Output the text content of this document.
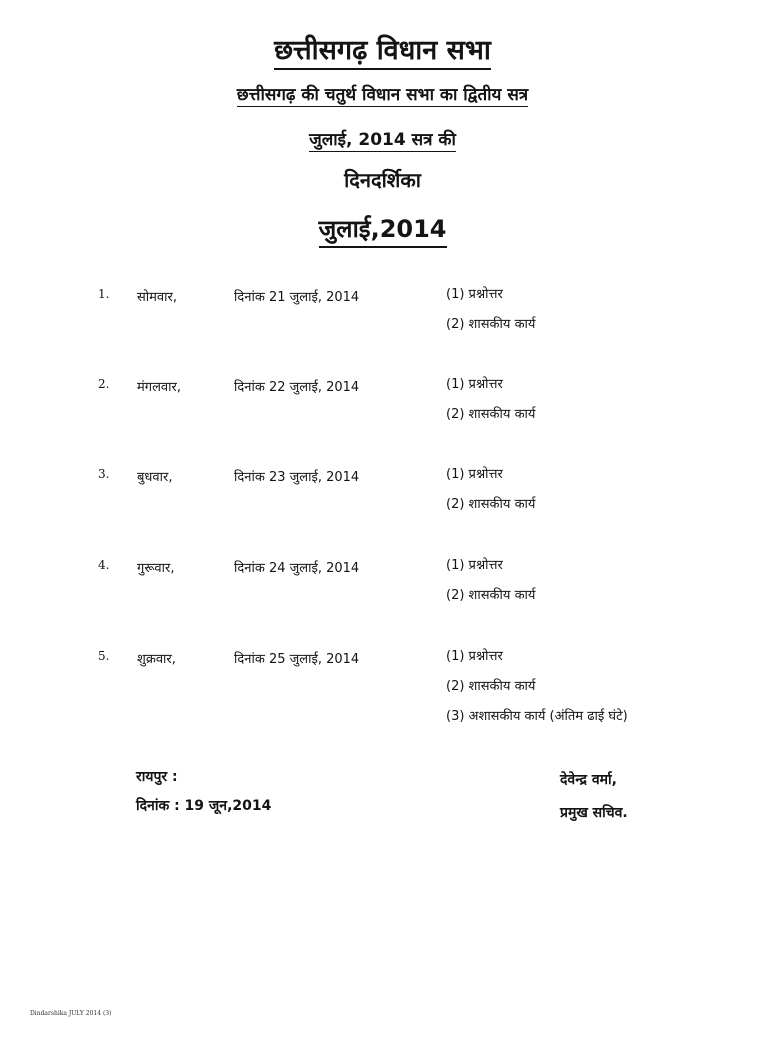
छत्तीसगढ़ विधान सभा
छत्तीसगढ़ की चतुर्थ विधान सभा का द्वितीय सत्र
जुलाई, 2014 सत्र की
दिनदर्शिका
जुलाई,2014
1. सोमवार,	दिनांक 21 जुलाई, 2014	(1) प्रश्नोत्तर
(2) शासकीय कार्य
2. मंगलवार,	दिनांक 22 जुलाई, 2014	(1) प्रश्नोत्तर
(2) शासकीय कार्य
3. बुधवार,	दिनांक 23 जुलाई, 2014	(1) प्रश्नोत्तर
(2) शासकीय कार्य
4. गुरूवार,	दिनांक 24 जुलाई, 2014	(1) प्रश्नोत्तर
(2) शासकीय कार्य
5. शुक्रवार,	दिनांक 25 जुलाई, 2014	(1) प्रश्नोत्तर
(2) शासकीय कार्य
(3) अशासकीय कार्य (अंतिम ढाई घंटे)
रायपुर :
दिनांक : 19 जून,2014
देवेन्द्र वर्मा,
प्रमुख सचिव.
Dindarshika JULY 2014 (3)
